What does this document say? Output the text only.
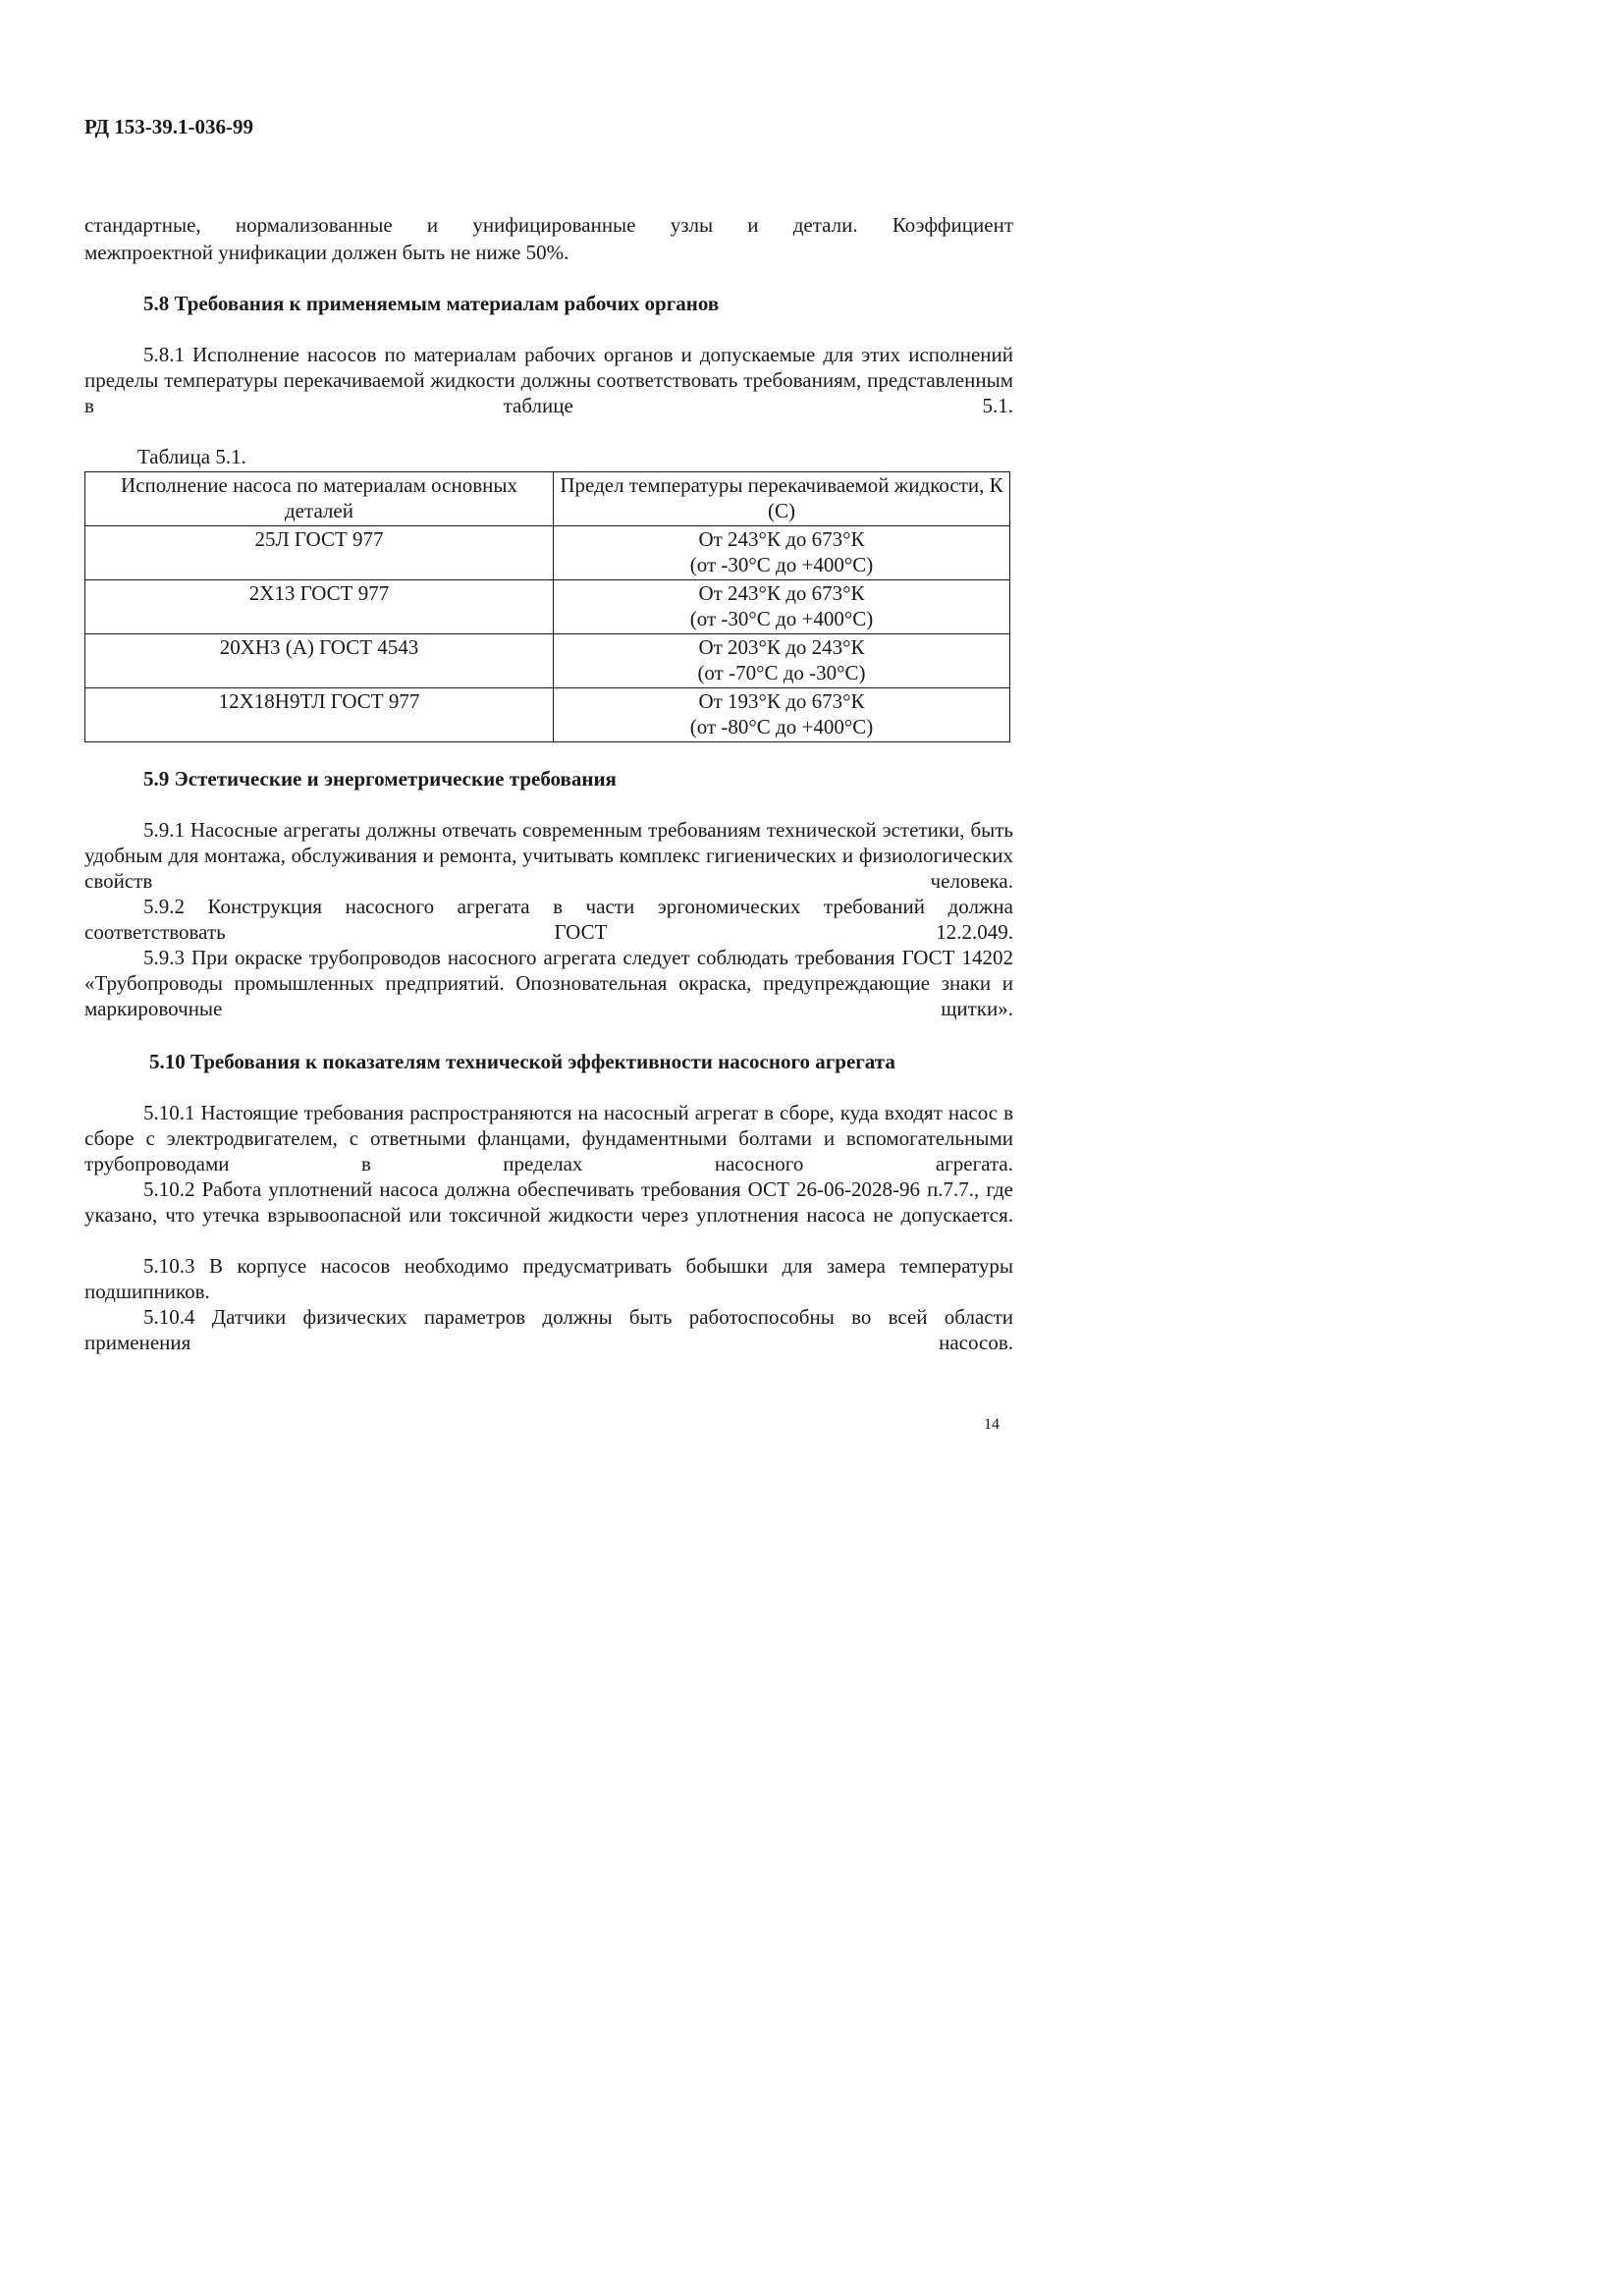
РД 153-39.1-036-99
стандартные, нормализованные и унифицированные узлы и детали. Коэффициент
межпроектной унификации должен быть не ниже 50%.
5.8 Требования к применяемым материалам рабочих органов
5.8.1 Исполнение насосов по материалам рабочих органов и допускаемые для этих исполнений пределы температуры перекачиваемой жидкости должны соответствовать требованиям, представленным в таблице 5.1.
Таблица 5.1.
Исполнение насоса по материалам основных деталей	Предел температуры перекачиваемой жидкости, К (С)
25Л ГОСТ 977	От 243°К до 673°К
(от -30°С до +400°С)

2Х13 ГОСТ 977	От 243°К до 673°К
(от -30°С до +400°С)

20ХН3 (А) ГОСТ 4543	От 203°К до 243°К
(от -70°С до -30°С)

12Х18Н9ТЛ ГОСТ 977	От 193°К до 673°К
(от -80°С до +400°С)
5.9 Эстетические и энергометрические требования
5.9.1 Насосные агрегаты должны отвечать современным требованиям технической эстетики, быть удобным для монтажа, обслуживания и ремонта, учитывать комплекс гигиенических и физиологических свойств человека.
5.9.2 Конструкция насосного агрегата в части эргономических требований должна соответствовать ГОСТ 12.2.049.
5.9.3 При окраске трубопроводов насосного агрегата следует соблюдать требования ГОСТ 14202 «Трубопроводы промышленных предприятий. Опозновательная окраска, предупреждающие знаки и маркировочные щитки».
5.10 Требования к показателям технической эффективности насосного агрегата
5.10.1 Настоящие требования распространяются на насосный агрегат в сборе, куда входят насос в сборе с электродвигателем, с ответными фланцами, фундаментными болтами и вспомогательными трубопроводами в пределах насосного агрегата.
5.10.2 Работа уплотнений насоса должна обеспечивать требования ОСТ 26-06-2028-96 п.7.7., где указано, что утечка взрывоопасной или токсичной жидкости через уплотнения насоса не допускается.
5.10.3 В корпусе насосов необходимо предусматривать бобышки для замера температуры подшипников.
5.10.4 Датчики физических параметров должны быть работоспособны во всей области применения насосов.
14
